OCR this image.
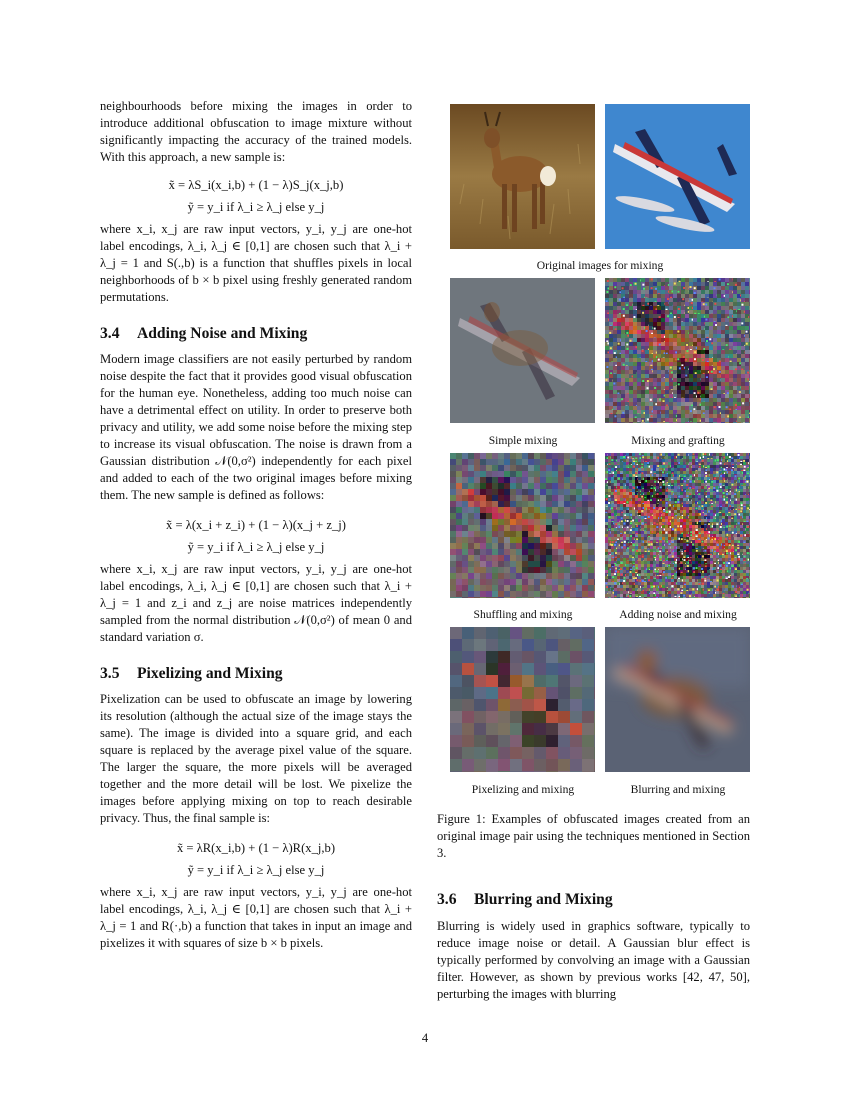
neighbourhoods before mixing the images in order to introduce additional obfuscation to image mixture without significantly impacting the accuracy of the trained models. With this approach, a new sample is:

x̃ = λS_i(x_i,b) + (1 − λ)S_j(x_j,b)
ỹ = y_i if λ_i ≥ λ_j else y_j

where x_i, x_j are raw input vectors, y_i, y_j are one-hot label encodings, λ_i, λ_j ∈ [0,1] are chosen such that λ_i + λ_j = 1 and S(.,b) is a function that shuffles pixels in local neighborhoods of b × b pixel using freshly generated random permutations.

3.4 Adding Noise and Mixing

Modern image classifiers are not easily perturbed by random noise despite the fact that it provides good visual obfuscation for the human eye. Nonetheless, adding too much noise can have a detrimental effect on utility. In order to preserve both privacy and utility, we add some noise before the mixing step to increase its visual obfuscation. The noise is drawn from a Gaussian distribution 𝒩(0,σ²) independently for each pixel and added to each of the two original images before mixing them. The new sample is defined as follows:

x̃ = λ(x_i + z_i) + (1 − λ)(x_j + z_j)
ỹ = y_i if λ_i ≥ λ_j else y_j

where x_i, x_j are raw input vectors, y_i, y_j are one-hot label encodings, λ_i, λ_j ∈ [0,1] are chosen such that λ_i + λ_j = 1 and z_i and z_j are noise matrices independently sampled from the normal distribution 𝒩(0,σ²) of mean 0 and standard variation σ.

3.5 Pixelizing and Mixing

Pixelization can be used to obfuscate an image by lowering its resolution (although the actual size of the image stays the same). The image is divided into a square grid, and each square is replaced by the average pixel value of the square. The larger the square, the more pixels will be averaged together and the more detail will be lost. We pixelize the images before applying mixing on top to reach desirable privacy. Thus, the final sample is:

x̃ = λR(x_i,b) + (1 − λ)R(x_j,b)
ỹ = y_i if λ_i ≥ λ_j else y_j

where x_i, x_j are raw input vectors, y_i, y_j are one-hot label encodings, λ_i, λ_j ∈ [0,1] are chosen such that λ_i + λ_j = 1 and R(·,b) a function that takes in input an image and pixelizes it with squares of size b × b pixels.

Original images for mixing
Simple mixing	Mixing and grafting
Shuffling and mixing	Adding noise and mixing
Pixelizing and mixing	Blurring and mixing
Figure 1: Examples of obfuscated images created from an original image pair using the techniques mentioned in Section 3.
3.6 Blurring and Mixing

Blurring is widely used in graphics software, typically to reduce image noise or detail. A Gaussian blur effect is typically performed by convolving an image with a Gaussian filter. However, as shown by previous works [42, 47, 50], perturbing the images with blurring

4
